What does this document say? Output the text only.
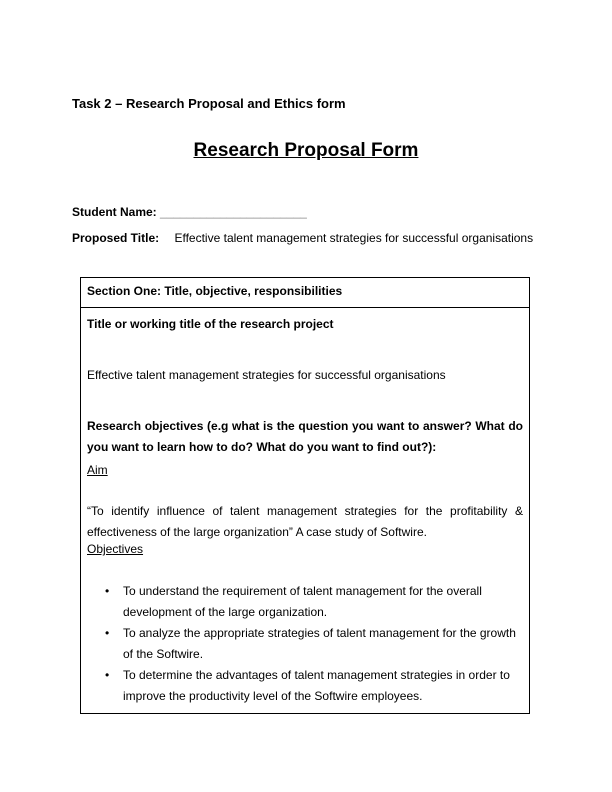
Task 2 – Research Proposal and Ethics form
Research Proposal Form
Student Name: ______________________
Proposed Title: Effective talent management strategies for successful organisations
Section One: Title, objective, responsibilities

Title or working title of the research project

Effective talent management strategies for successful organisations

Research objectives (e.g what is the question you want to answer? What do you want to learn how to do? What do you want to find out?):

Aim

“To identify influence of talent management strategies for the profitability & effectiveness of the large organization” A case study of Softwire.

Objectives

• To understand the requirement of talent management for the overall development of the large organization.
• To analyze the appropriate strategies of talent management for the growth of the Softwire.
• To determine the advantages of talent management strategies in order to improve the productivity level of the Softwire employees.
